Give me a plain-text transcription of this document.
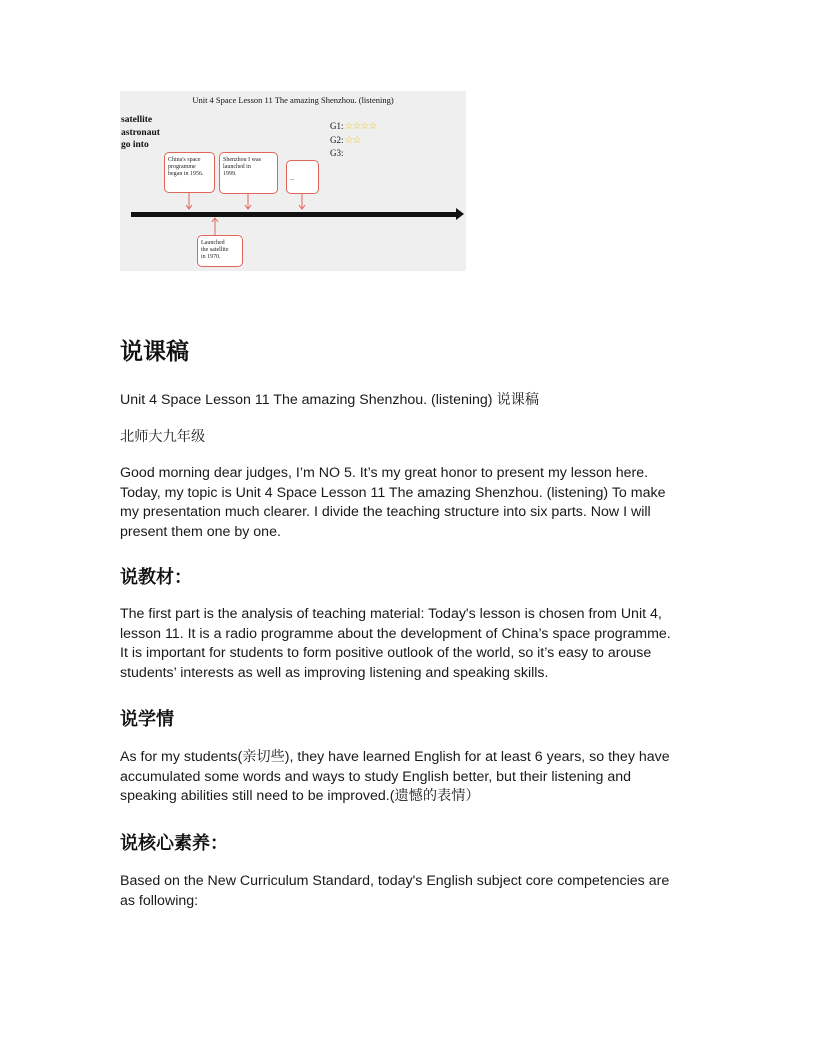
Unit 4 Space Lesson 11 The amazing Shenzhou. (listening)
satellite
astronaut
go into
G1:☆☆☆☆
G2:☆☆
G3:
China's space
programme
began in 1956.
Shenzhou I was
launched in
1999.
...
Launched
the satellite
in 1970.
说课稿
Unit 4 Space Lesson 11 The amazing Shenzhou. (listening) 说课稿
北师大九年级
Good morning dear judges, I’m NO 5. It’s my great honor to present my lesson here.
Today, my topic is Unit 4 Space Lesson 11 The amazing Shenzhou. (listening) To make
my presentation much clearer. I divide the teaching structure into six parts. Now I will
present them one by one.
说教材：
The first part is the analysis of teaching material: Today's lesson is chosen from Unit 4,
lesson 11. It is a radio programme about the development of China’s space programme.
It is important for students to form positive outlook of the world, so it’s easy to arouse
students’ interests as well as improving listening and speaking skills.
说学情
As for my students(亲切些), they have learned English for at least 6 years, so they have
accumulated some words and ways to study English better, but their listening and
speaking abilities still need to be improved.(遗憾的表情）
说核心素养：
Based on the New Curriculum Standard, today's English subject core competencies are
as following:
